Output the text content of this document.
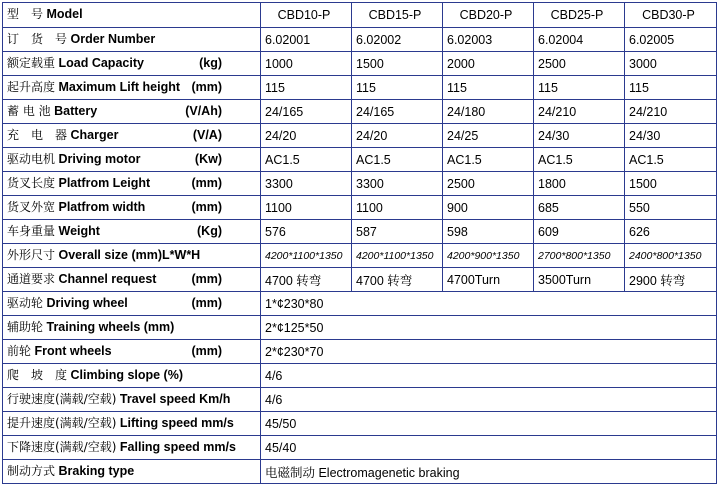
型　号 Model	CBD10-P	CBD15-P	CBD20-P	CBD25-P	CBD30-P
订　货　号 Order Number	6.02001	6.02002	6.02003	6.02004	6.02005
额定载重 Load Capacity (kg)	1000	1500	2000	2500	3000
起升高度 Maximum Lift height (mm)	115	115	115	115	115
蓄 电 池 Battery (V/Ah)	24/165	24/165	24/180	24/210	24/210
充　电　器 Charger (V/A)	24/20	24/20	24/25	24/30	24/30
驱动电机 Driving motor (Kw)	AC1.5	AC1.5	AC1.5	AC1.5	AC1.5
货叉长度 Platfrom Leight (mm)	3300	3300	2500	1800	1500
货叉外宽 Platfrom width (mm)	1100	1100	900	685	550
车身重量 Weight (Kg)	576	587	598	609	626
外形尺寸 Overall size (mm)L*W*H	4200*1100*1350	4200*1100*1350	4200*900*1350	2700*800*1350	2400*800*1350
通道要求 Channel request (mm)	4700 转弯	4700 转弯	4700Turn	3500Turn	2900 转弯
驱动轮 Driving wheel (mm)	1*¢230*80				
辅助轮 Training wheels (mm)	2*¢125*50				
前轮 Front wheels (mm)	2*¢230*70				
爬　坡　度 Climbing slope (%)	4/6				
行驶速度(满载/空载) Travel speed Km/h	4/6				
提升速度(满载/空载) Lifting speed mm/s	45/50				
下降速度(满载/空载) Falling speed mm/s	45/40				
制动方式 Braking type	电磁制动 Electromagenetic braking				
